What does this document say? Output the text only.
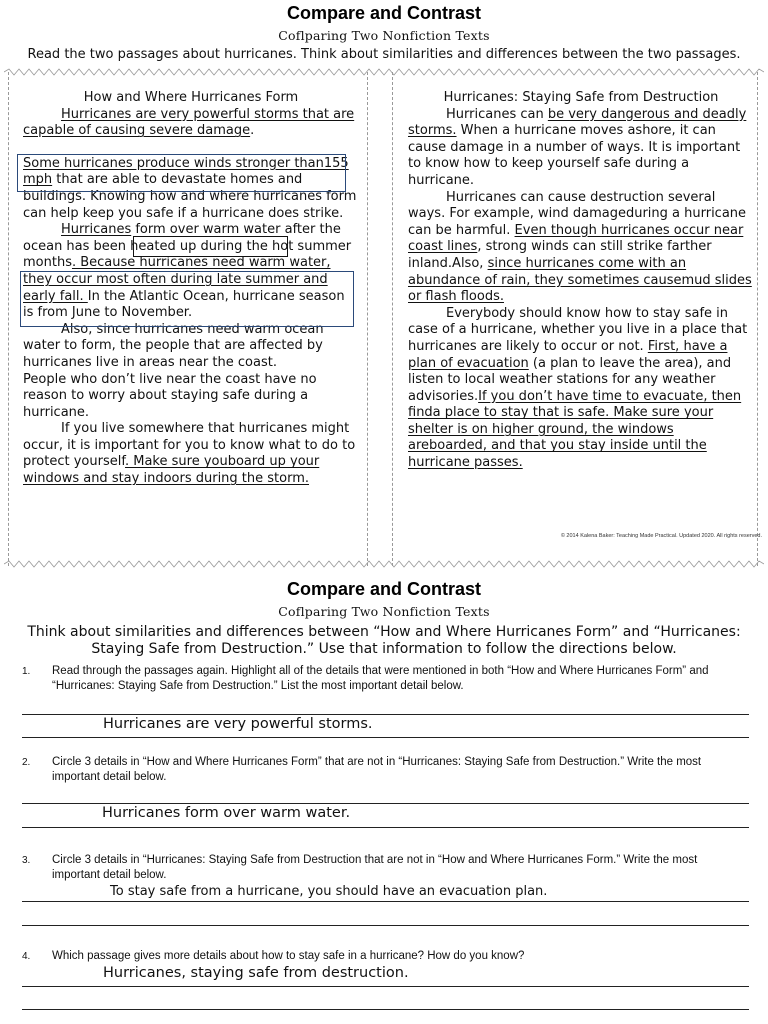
Compare and Contrast
Coflparing Two Nonfiction Texts
Read the two passages about hurricanes. Think about similarities and differences between the two passages.

How and Where Hurricanes Form

Hurricanes are very powerful storms that are capable of causing severe damage.

Some hurricanes produce winds stronger than155 mph that are able to devastate homes and buildings. Knowing how and where hurricanes form can help keep you safe if a hurricane does strike.

Hurricanes form over warm water after the ocean has been heated up during the hot summer months. Because hurricanes need warm water, they occur most often during late summer and early fall. In the Atlantic Ocean, hurricane season is from June to November.

Also, since hurricanes need warm ocean water to form, the people that are affected by hurricanes live in areas near the coast.

People who don’t live near the coast have no reason to worry about staying safe during a hurricane.

If you live somewhere that hurricanes might occur, it is important for you to know what to do to protect yourself. Make sure youboard up your windows and stay indoors during the storm.

Hurricanes: Staying Safe from Destruction

Hurricanes can be very dangerous and deadly storms. When a hurricane moves ashore, it can cause damage in a number of ways. It is important to know how to keep yourself safe during a hurricane.

Hurricanes can cause destruction several ways. For example, wind damageduring a hurricane can be harmful. Even though hurricanes occur near coast lines, strong winds can still strike farther inland.Also, since hurricanes come with an abundance of rain, they sometimes causemud slides or flash floods.

Everybody should know how to stay safe in case of a hurricane, whether you live in a place that hurricanes are likely to occur or not. First, have a plan of evacuation (a plan to leave the area), and listen to local weather stations for any weather advisories.If you don’t have time to evacuate, then finda place to stay that is safe. Make sure your shelter is on higher ground, the windows areboarded, and that you stay inside until the hurricane passes.

© 2014 Kalena Baker: Teaching Made Practical. Updated 2020. All rights reserved.
Compare and Contrast
Coflparing Two Nonfiction Texts
Think about similarities and differences between “How and Where Hurricanes Form” and “Hurricanes: Staying Safe from Destruction.” Use that information to follow the directions below.
1. Read through the passages again. Highlight all of the details that were mentioned in both “How and Where Hurricanes Form” and “Hurricanes: Staying Safe from Destruction.” List the most important detail below.
Hurricanes are very powerful storms.
2. Circle 3 details in “How and Where Hurricanes Form” that are not in “Hurricanes: Staying Safe from Destruction.” Write the most important detail below.
Hurricanes form over warm water.
3. Circle 3 details in “Hurricanes: Staying Safe from Destruction that are not in “How and Where Hurricanes Form.” Write the most important detail below.
To stay safe from a hurricane, you should have an evacuation plan.
4. Which passage gives more details about how to stay safe in a hurricane? How do you know?
Hurricanes, staying safe from destruction.
